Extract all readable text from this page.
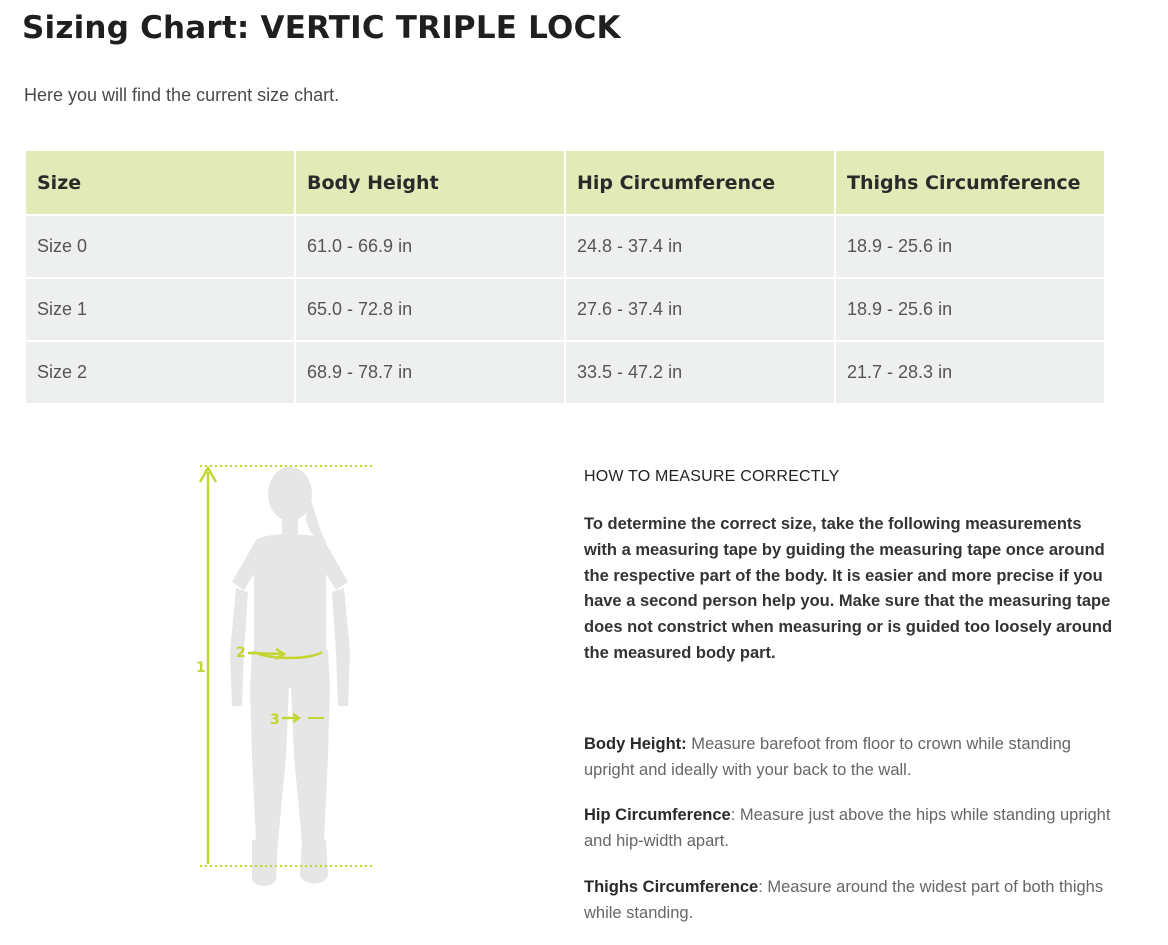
Sizing Chart: VERTIC TRIPLE LOCK

Here you will find the current size chart.

Size	Body Height	Hip Circumference	Thighs Circumference
Size 0	61.0 - 66.9 in	24.8 - 37.4 in	18.9 - 25.6 in
Size 1	65.0 - 72.8 in	27.6 - 37.4 in	18.9 - 25.6 in
Size 2	68.9 - 78.7 in	33.5 - 47.2 in	21.7 - 28.3 in
1
2
3

HOW TO MEASURE CORRECTLY

To determine the correct size, take the following measurements with a measuring tape by guiding the measuring tape once around the respective part of the body. It is easier and more precise if you have a second person help you. Make sure that the measuring tape does not constrict when measuring or is guided too loosely around the measured body part.

Body Height: Measure barefoot from floor to crown while standing upright and ideally with your back to the wall.

Hip Circumference: Measure just above the hips while standing upright and hip-width apart.

Thighs Circumference: Measure around the widest part of both thighs while standing.
